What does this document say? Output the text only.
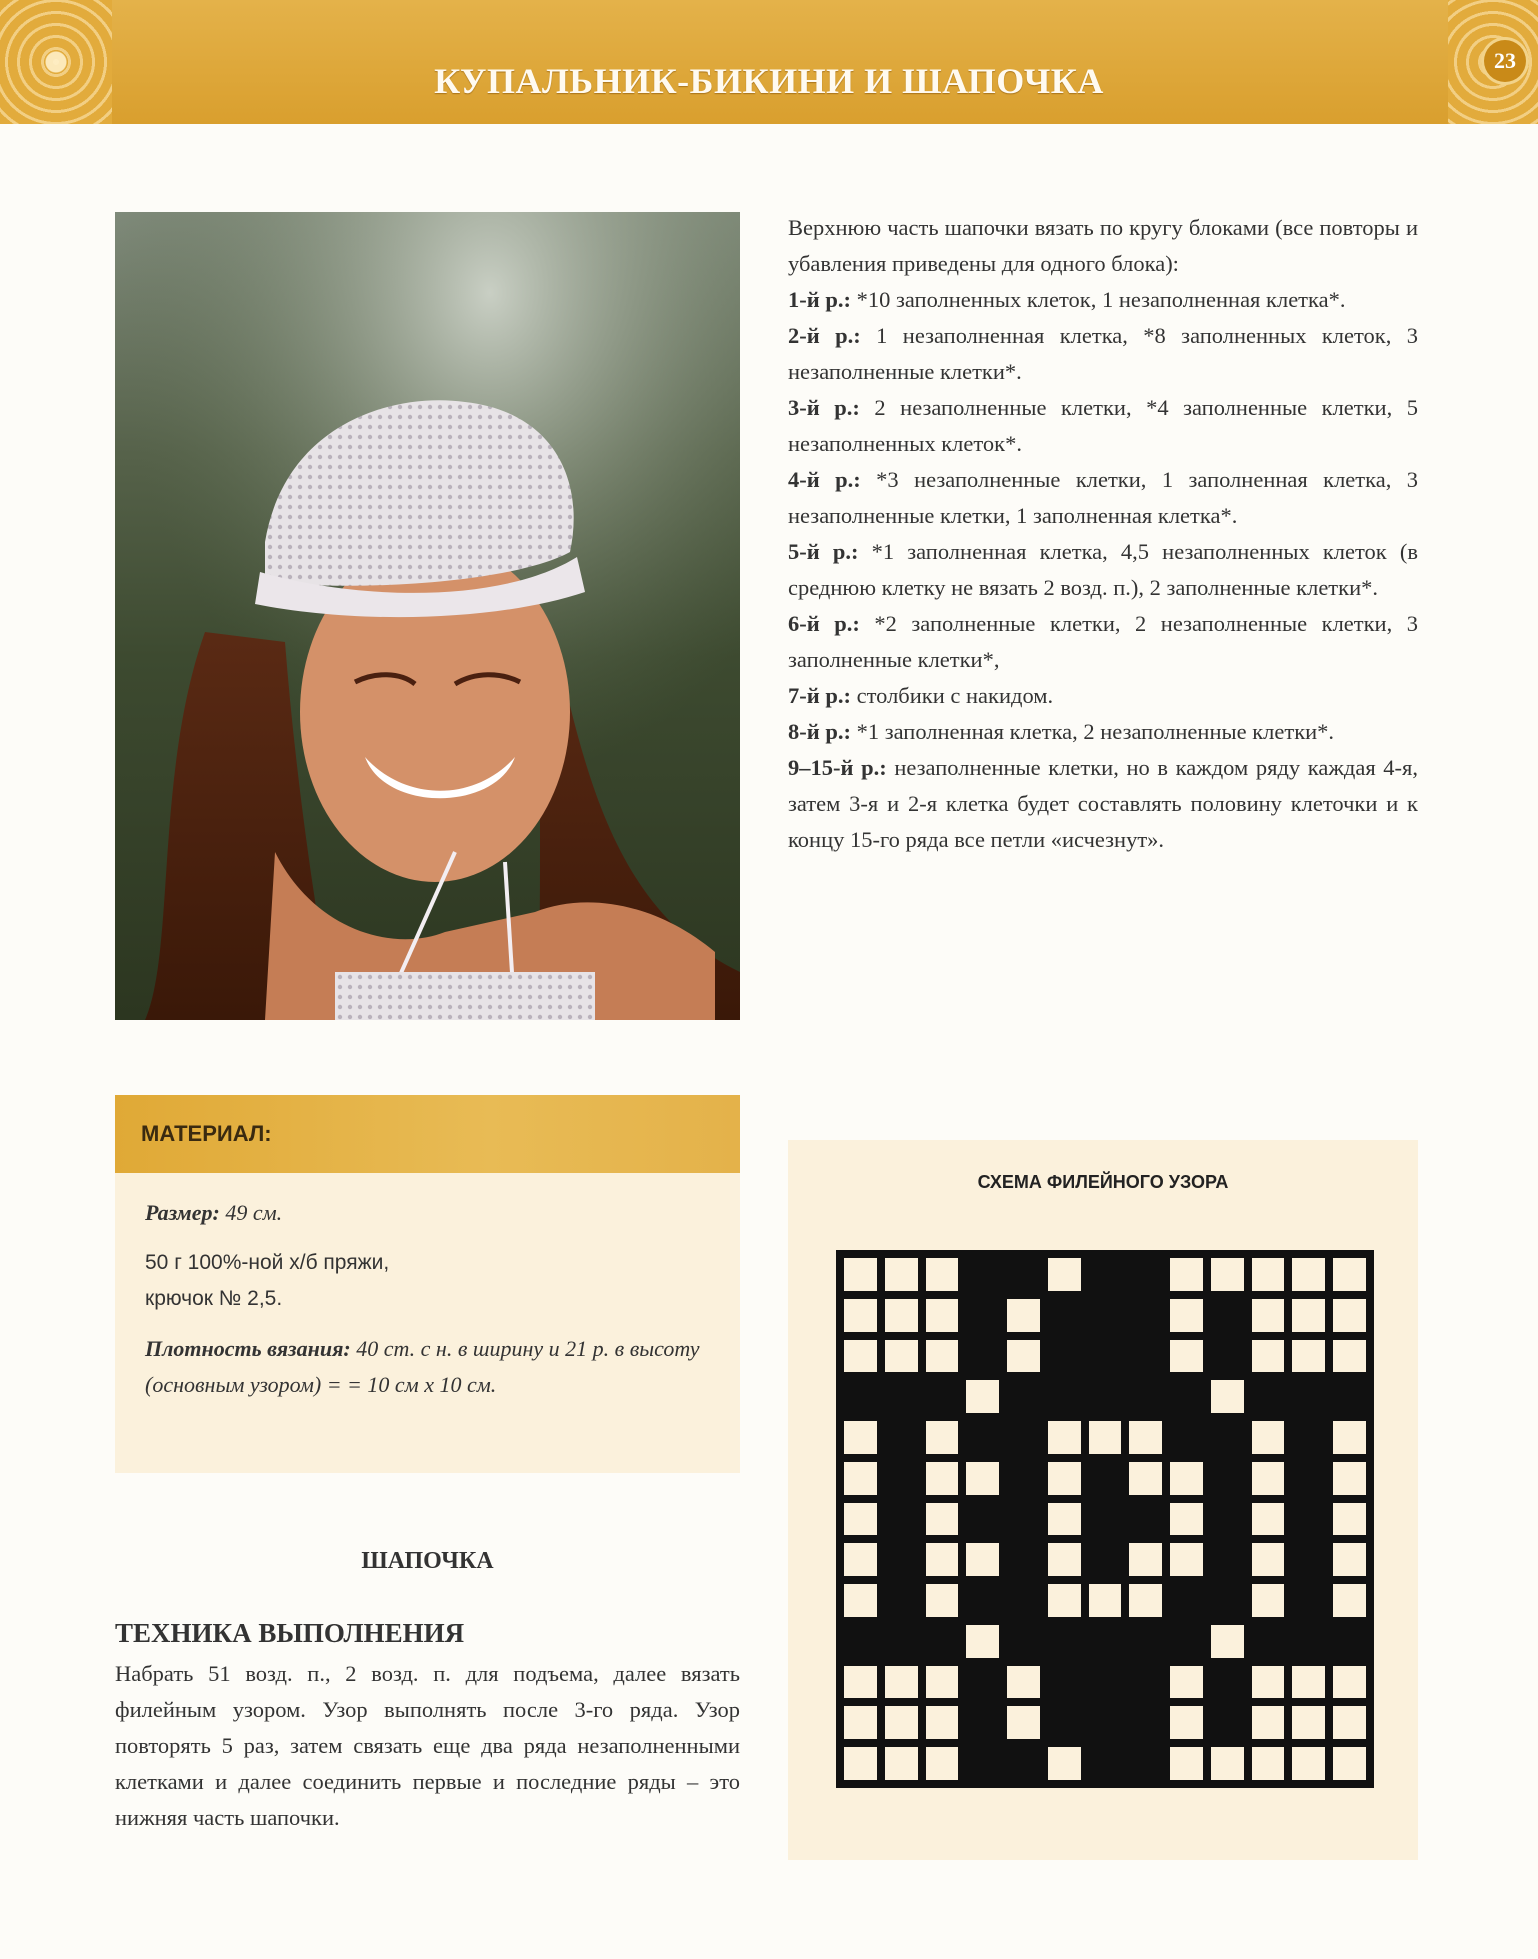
КУПАЛЬНИК-БИКИНИ И ШАПОЧКА
23
МАТЕРИАЛ:

Размер: 49 см.

50 г 100%-ной х/б пряжи,
крючок № 2,5.

Плотность вязания: 40 ст. с н. в ширину и 21 р. в высоту (основным узором) = = 10 см х 10 см.

ШАПОЧКА
ТЕХНИКА ВЫПОЛНЕНИЯ
Набрать 51 возд. п., 2 возд. п. для подъема, далее вязать филейным узором. Узор выполнять после 3-го ряда. Узор повторять 5 раз, затем связать еще два ряда незаполненными клетками и далее соединить первые и последние ряды – это нижняя часть шапочки.

Верхнюю часть шапочки вязать по кругу блоками (все повторы и убавления приведены для одного блока):

1-й р.: *10 заполненных клеток, 1 незаполненная клетка*.

2-й р.: 1 незаполненная клетка, *8 заполненных клеток, 3 незаполненные клетки*.

3-й р.: 2 незаполненные клетки, *4 заполненные клетки, 5 незаполненных клеток*.

4-й р.: *3 незаполненные клетки, 1 заполненная клетка, 3 незаполненные клетки, 1 заполненная клетка*.

5-й р.: *1 заполненная клетка, 4,5 незаполненных клеток (в среднюю клетку не вязать 2 возд. п.), 2 заполненные клетки*.

6-й р.: *2 заполненные клетки, 2 незаполненные клетки, 3 заполненные клетки*,

7-й р.: столбики с накидом.

8-й р.: *1 заполненная клетка, 2 незаполненные клетки*.

9–15-й р.: незаполненные клетки, но в каждом ряду каждая 4-я, затем 3-я и 2-я клетка будет составлять половину клеточки и к концу 15-го ряда все петли «исчезнут».

СХЕМА ФИЛЕЙНОГО УЗОРА
